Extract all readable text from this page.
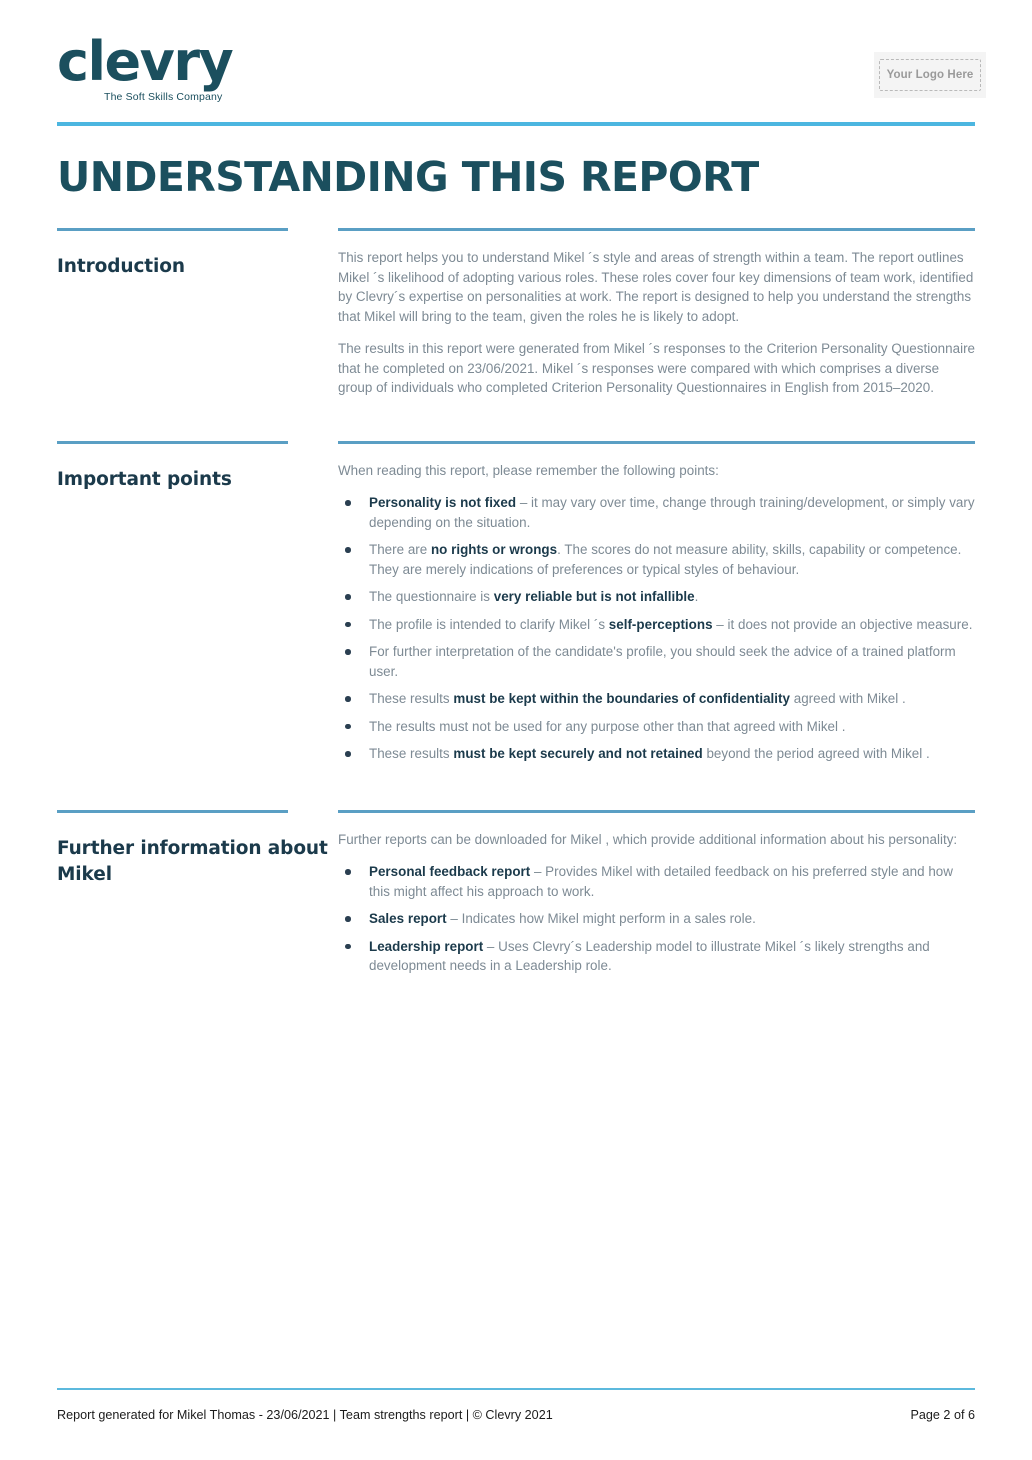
clevry
The Soft Skills Company
Your Logo Here
UNDERSTANDING THIS REPORT
Introduction	This report helps you to understand Mikel ´s style and areas of strength within a team. The report outlines Mikel ´s likelihood of adopting various roles. These roles cover four key dimensions of team work, identified by Clevry´s expertise on personalities at work. The report is designed to help you understand the strengths that Mikel will bring to the team, given the roles he is likely to adopt.

The results in this report were generated from Mikel ´s responses to the Criterion Personality Questionnaire that he completed on 23/06/2021. Mikel ´s responses were compared with which comprises a diverse group of individuals who completed Criterion Personality Questionnaires in English from 2015–2020.

Important points	When reading this report, please remember the following points:

Personality is not fixed – it may vary over time, change through training/development, or simply vary depending on the situation.
There are no rights or wrongs. The scores do not measure ability, skills, capability or competence. They are merely indications of preferences or typical styles of behaviour.
The questionnaire is very reliable but is not infallible.
The profile is intended to clarify Mikel ´s self-perceptions – it does not provide an objective measure.
For further interpretation of the candidate's profile, you should seek the advice of a trained platform user.
These results must be kept within the boundaries of confidentiality agreed with Mikel .
The results must not be used for any purpose other than that agreed with Mikel .
These results must be kept securely and not retained beyond the period agreed with Mikel .
Further information about Mikel

Further reports can be downloaded for Mikel , which provide additional information about his personality:

Personal feedback report – Provides Mikel with detailed feedback on his preferred style and how this might affect his approach to work.
Sales report – Indicates how Mikel might perform in a sales role.
Leadership report – Uses Clevry´s Leadership model to illustrate Mikel ´s likely strengths and development needs in a Leadership role.
Report generated for Mikel Thomas - 23/06/2021 | Team strengths report | © Clevry 2021	Page 2 of 6
